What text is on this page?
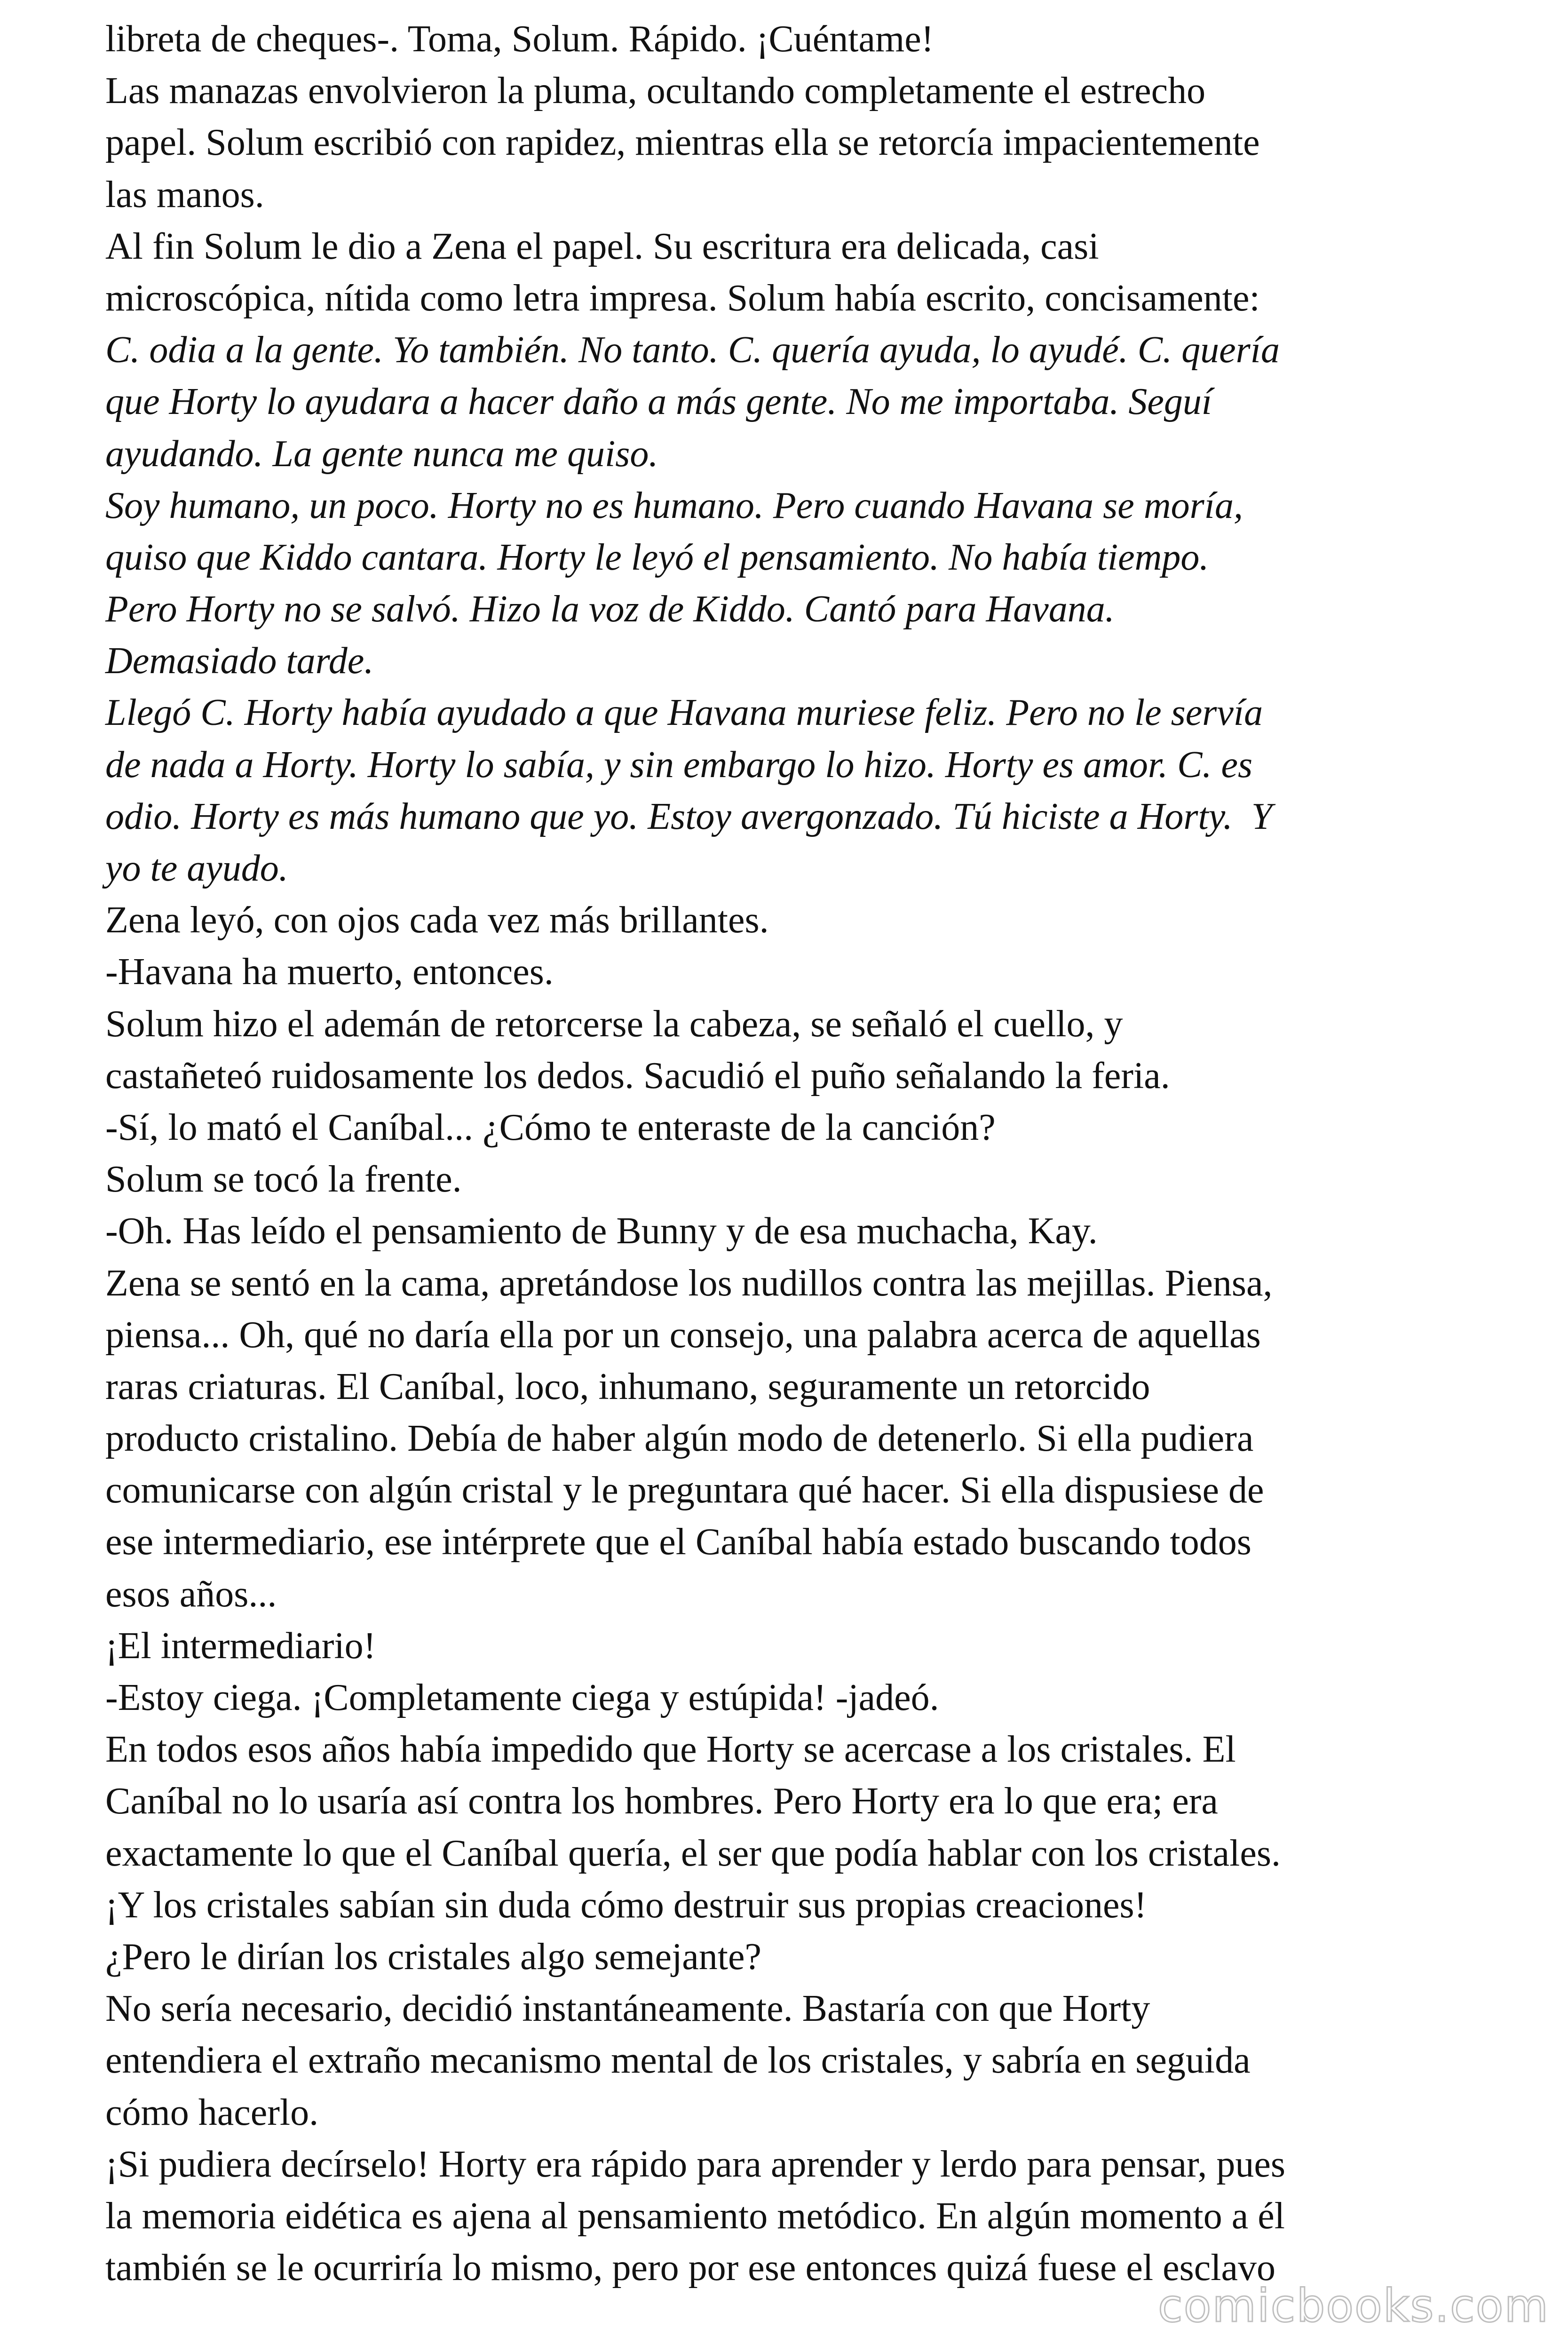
libreta de cheques-. Toma, Solum. Rápido. ¡Cuéntame!
Las manazas envolvieron la pluma, ocultando completamente el estrecho
papel. Solum escribió con rapidez, mientras ella se retorcía impacientemente
las manos.
Al fin Solum le dio a Zena el papel. Su escritura era delicada, casi
microscópica, nítida como letra impresa. Solum había escrito, concisamente:
C. odia a la gente. Yo también. No tanto. C. quería ayuda, lo ayudé. C. quería
que Horty lo ayudara a hacer daño a más gente. No me importaba. Seguí
ayudando. La gente nunca me quiso.
Soy humano, un poco. Horty no es humano. Pero cuando Havana se moría,
quiso que Kiddo cantara. Horty le leyó el pensamiento. No había tiempo.
Pero Horty no se salvó. Hizo la voz de Kiddo. Cantó para Havana.
Demasiado tarde.
Llegó C. Horty había ayudado a que Havana muriese feliz. Pero no le servía
de nada a Horty. Horty lo sabía, y sin embargo lo hizo. Horty es amor. C. es
odio. Horty es más humano que yo. Estoy avergonzado. Tú hiciste a Horty.  Y
yo te ayudo.
Zena leyó, con ojos cada vez más brillantes.
-Havana ha muerto, entonces.
Solum hizo el ademán de retorcerse la cabeza, se señaló el cuello, y
castañeteó ruidosamente los dedos. Sacudió el puño señalando la feria.
-Sí, lo mató el Caníbal... ¿Cómo te enteraste de la canción?
Solum se tocó la frente.
-Oh. Has leído el pensamiento de Bunny y de esa muchacha, Kay.
Zena se sentó en la cama, apretándose los nudillos contra las mejillas. Piensa,
piensa... Oh, qué no daría ella por un consejo, una palabra acerca de aquellas
raras criaturas. El Caníbal, loco, inhumano, seguramente un retorcido
producto cristalino. Debía de haber algún modo de detenerlo. Si ella pudiera
comunicarse con algún cristal y le preguntara qué hacer. Si ella dispusiese de
ese intermediario, ese intérprete que el Caníbal había estado buscando todos
esos años...
¡El intermediario!
-Estoy ciega. ¡Completamente ciega y estúpida! -jadeó.
En todos esos años había impedido que Horty se acercase a los cristales. El
Caníbal no lo usaría así contra los hombres. Pero Horty era lo que era; era
exactamente lo que el Caníbal quería, el ser que podía hablar con los cristales.
¡Y los cristales sabían sin duda cómo destruir sus propias creaciones!
¿Pero le dirían los cristales algo semejante?
No sería necesario, decidió instantáneamente. Bastaría con que Horty
entendiera el extraño mecanismo mental de los cristales, y sabría en seguida
cómo hacerlo.
¡Si pudiera decírselo! Horty era rápido para aprender y lerdo para pensar, pues
la memoria eidética es ajena al pensamiento metódico. En algún momento a él
también se le ocurriría lo mismo, pero por ese entonces quizá fuese el esclavo
comicbooks.com
